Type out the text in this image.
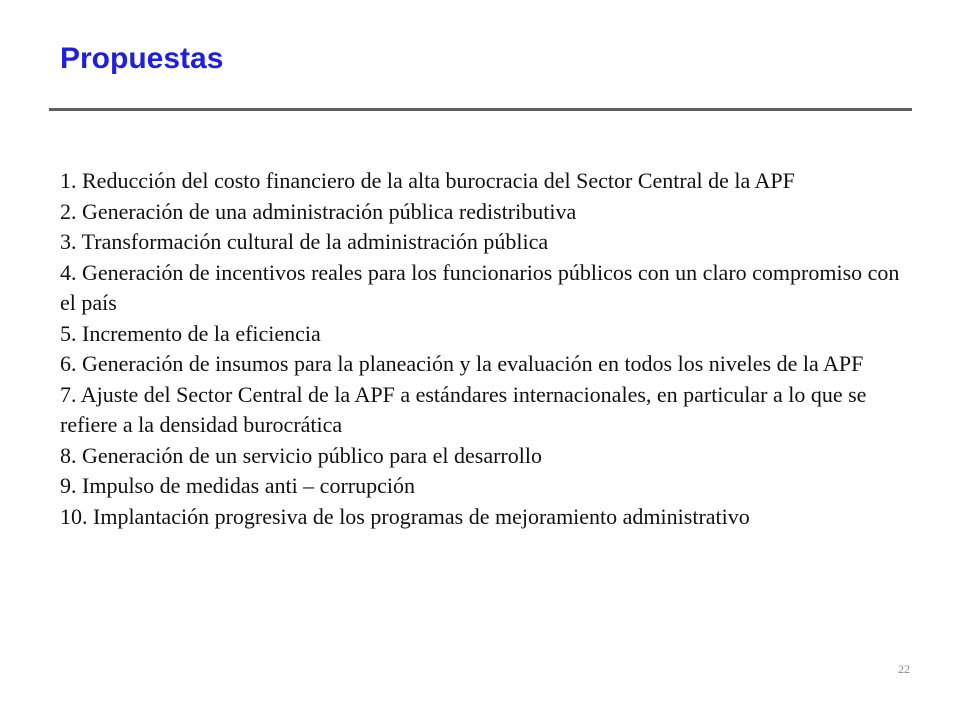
Propuestas
1. Reducción del costo financiero de la alta burocracia del Sector Central de la APF
2. Generación de una administración pública redistributiva
3. Transformación cultural de la administración pública
4. Generación de incentivos reales para los funcionarios públicos con un claro compromiso con el país
5. Incremento de la eficiencia
6. Generación de insumos para la planeación y la evaluación en todos los niveles de la APF
7. Ajuste del Sector Central de la APF a estándares internacionales, en particular a lo que se refiere a la densidad burocrática
8. Generación de un servicio público para el desarrollo
9. Impulso de medidas anti – corrupción
10. Implantación progresiva de los programas de mejoramiento administrativo
22
